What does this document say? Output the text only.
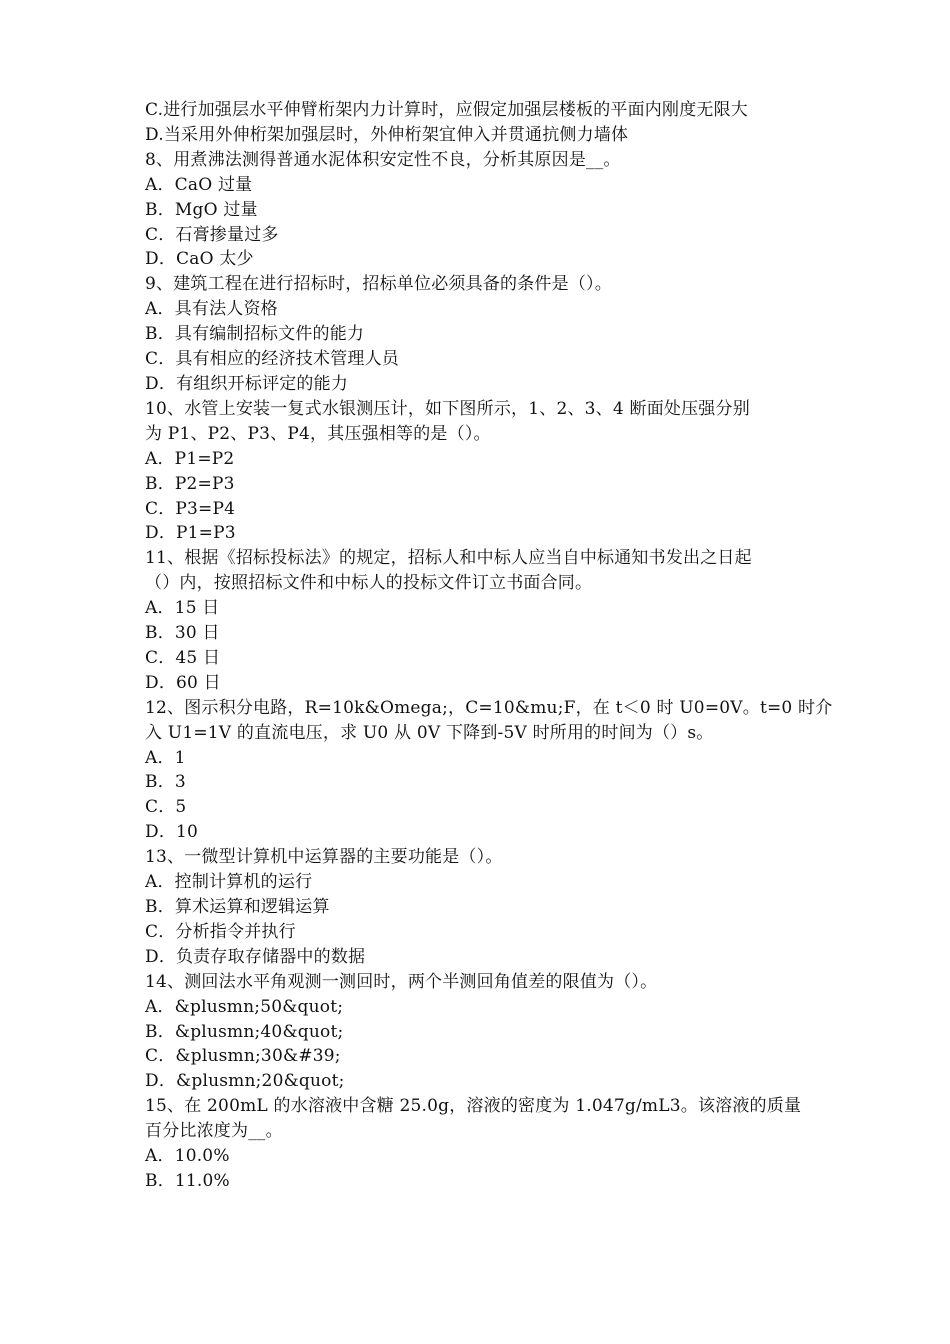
C.进行加强层水平伸臂桁架内力计算时，应假定加强层楼板的平面内刚度无限大
D.当采用外伸桁架加强层时，外伸桁架宜伸入并贯通抗侧力墙体
8、用煮沸法测得普通水泥体积安定性不良，分析其原因是__。
A．CaO 过量
B．MgO 过量
C．石膏掺量过多
D．CaO 太少
9、建筑工程在进行招标时，招标单位必须具备的条件是（）。
A．具有法人资格
B．具有编制招标文件的能力
C．具有相应的经济技术管理人员
D．有组织开标评定的能力
10、水管上安装一复式水银测压计，如下图所示，1、2、3、4 断面处压强分别
为 P1、P2、P3、P4，其压强相等的是（）。
A．P1=P2
B．P2=P3
C．P3=P4
D．P1=P3
11、根据《招标投标法》的规定，招标人和中标人应当自中标通知书发出之日起
（）内，按照招标文件和中标人的投标文件订立书面合同。
A．15 日
B．30 日
C．45 日
D．60 日
12、图示积分电路，R=10k&Omega;，C=10&mu;F，在 t＜0 时 U0=0V。t=0 时介
入 U1=1V 的直流电压，求 U0 从 0V 下降到-5V 时所用的时间为（）s。
A．1
B．3
C．5
D．10
13、一微型计算机中运算器的主要功能是（）。
A．控制计算机的运行
B．算术运算和逻辑运算
C．分析指令并执行
D．负责存取存储器中的数据
14、测回法水平角观测一测回时，两个半测回角值差的限值为（）。
A．&plusmn;50&quot;
B．&plusmn;40&quot;
C．&plusmn;30&#39;
D．&plusmn;20&quot;
15、在 200mL 的水溶液中含糖 25.0g，溶液的密度为 1.047g/mL3。该溶液的质量
百分比浓度为__。
A．10.0%
B．11.0%
